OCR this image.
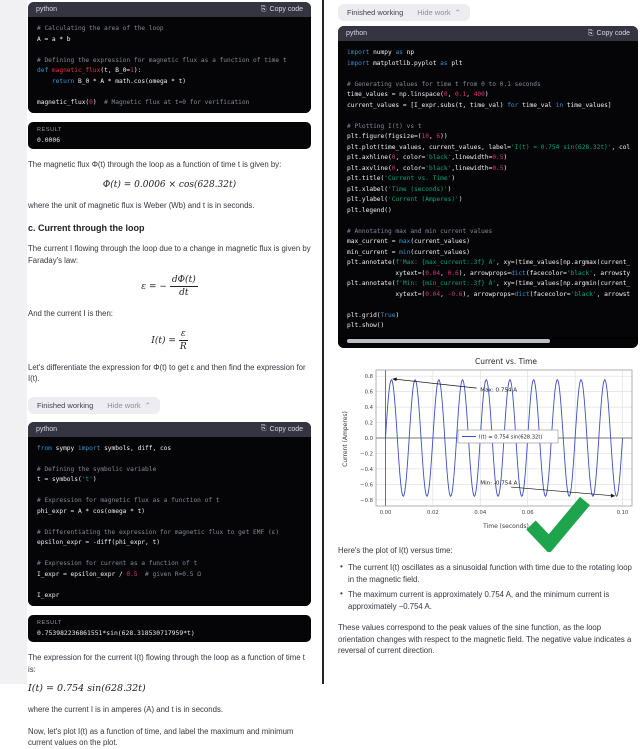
python	⎘ Copy code
# Calculating the area of the loop
A = a * b

# Defining the expression for magnetic flux as a function of time t
def magnetic_flux(t, B_0=1):
return B_0 * A * math.cos(omega * t)

magnetic_flux(0)  # Magnetic flux at t=0 for verification
RESULT
0.0006
The magnetic flux Φ(t) through the loop as a function of time t is given by:
Φ(t) = 0.0006 × cos(628.32t)
where the unit of magnetic flux is Weber (Wb) and t is in seconds.
c. Current through the loop
The current I flowing through the loop due to a change in magnetic flux is given by Faraday's law:
ε = − $\frac{d\Phi(t)}{dt}$
And the current I is then:
$I(t) = \frac{\varepsilon}{R}$
Let's differentiate the expression for Φ(t) to get ε and then find the expression for I(t).
Finished working Hide work ⌃
python	⎘ Copy code
from sympy import symbols, diff, cos

# Defining the symbolic variable
t = symbols('t')

# Expression for magnetic flux as a function of t
phi_expr = A * cos(omega * t)

# Differentiating the expression for magnetic flux to get EMF (ε)
epsilon_expr = -diff(phi_expr, t)

# Expression for current as a function of t
I_expr = epsilon_expr / 0.5 # given R=0.5 Ω

I_expr
RESULT
0.753982236861551*sin(628.318530717959*t)
The expression for the current I(t) flowing through the loop as a function of time t is:
I(t) = 0.754 sin(628.32t)
where the current I is in amperes (A) and t is in seconds.
Now, let's plot I(t) as a function of time, and label the maximum and minimum current values on the plot.
Finished working Hide work ⌃
python	⎘ Copy code
import numpy as np
import matplotlib.pyplot as plt

# Generating values for time t from 0 to 0.1 seconds
time_values = np.linspace(0, 0.1, 400)
current_values = [I_expr.subs(t, time_val) for time_val in time_values]

# Plotting I(t) vs t
plt.figure(figsize=(10, 6))
plt.plot(time_values, current_values, label='I(t) = 0.754 sin(628.32t)', col
plt.axhline(0, color='black',linewidth=0.5)
plt.axvline(0, color='black',linewidth=0.5)
plt.title('Current vs. Time')
plt.xlabel('Time (seconds)')
plt.ylabel('Current (Amperes)')
plt.legend()

# Annotating max and min current values
max_current = max(current_values)
min_current = min(current_values)
plt.annotate(f'Max: {max_current:.3f} A', xy=(time_values[np.argmax(current_
xytext=(0.04, 0.6), arrowprops=dict(facecolor='black', arrowsty
plt.annotate(f'Min: {min_current:.3f} A', xy=(time_values[np.argmin(current_
xytext=(0.04, -0.6), arrowprops=dict(facecolor='black', arrowst

plt.grid(True)
plt.show()
0.00	0.02	0.04	0.06	0.08	0.10
0.8
0.6
0.4
0.2
0.0
−0.2
−0.4
−0.6
−0.8
I(t) = 0.754 sin(628.32t)
Max: 0.754 A
Min: -0.754 A
Current vs. Time
Time (seconds)
Current (Amperes)
Here's the plot of I(t) versus time:
• The current I(t) oscillates as a sinusoidal function with time due to the rotating loop in the magnetic field.
• The maximum current is approximately 0.754 A, and the minimum current is approximately −0.754 A.
These values correspond to the peak values of the sine function, as the loop orientation changes with respect to the magnetic field. The negative value indicates a reversal of current direction.
